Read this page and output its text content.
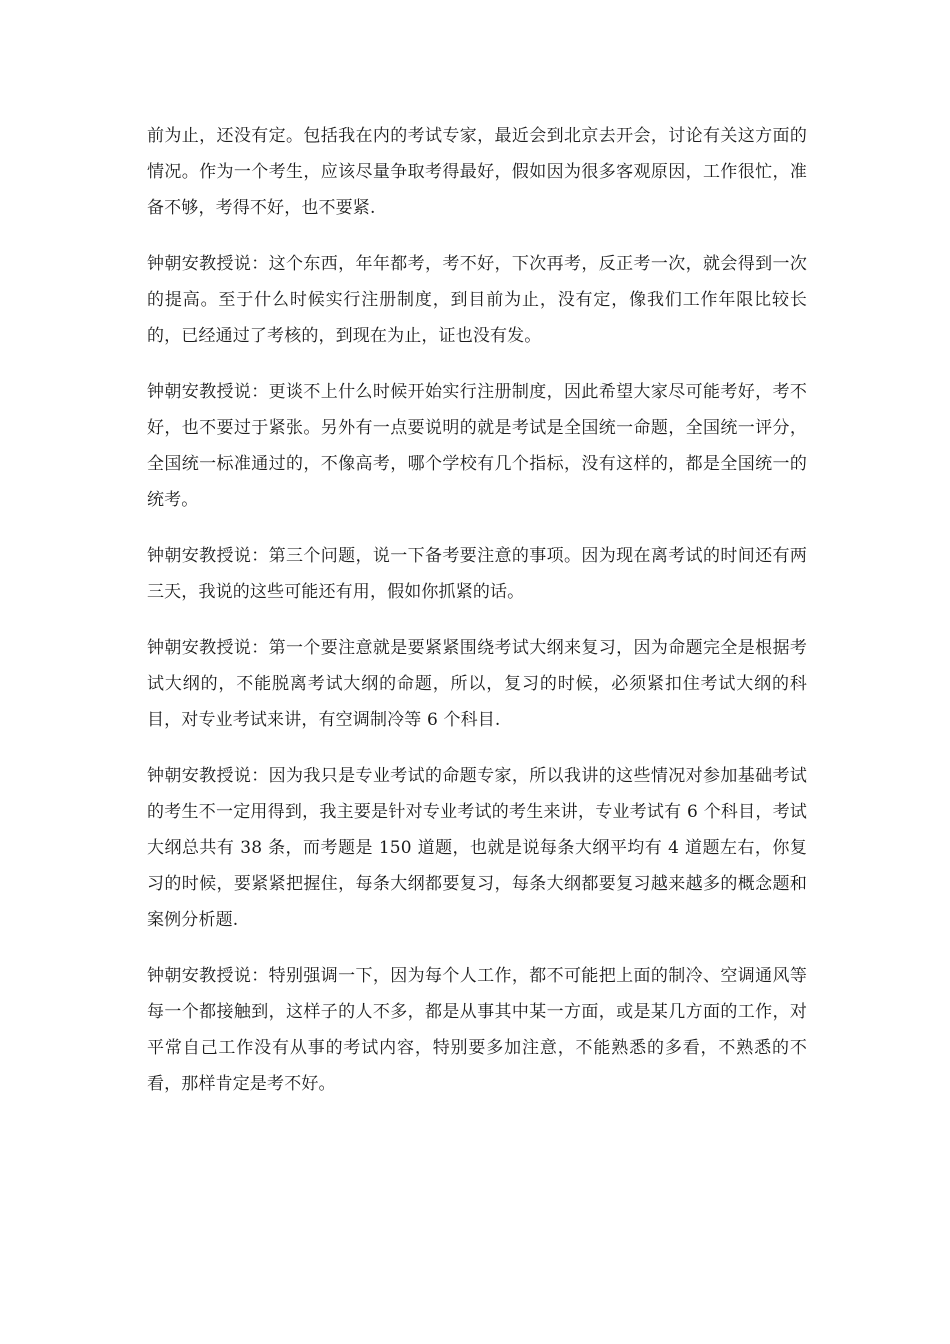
前为止，还没有定。包括我在内的考试专家，最近会到北京去开会，讨论有关这方面的情况。作为一个考生，应该尽量争取考得最好，假如因为很多客观原因，工作很忙，准备不够，考得不好，也不要紧.

钟朝安教授说：这个东西，年年都考，考不好，下次再考，反正考一次，就会得到一次的提高。至于什么时候实行注册制度，到目前为止，没有定，像我们工作年限比较长的，已经通过了考核的，到现在为止，证也没有发。

钟朝安教授说：更谈不上什么时候开始实行注册制度，因此希望大家尽可能考好，考不好，也不要过于紧张。另外有一点要说明的就是考试是全国统一命题，全国统一评分，全国统一标准通过的，不像高考，哪个学校有几个指标，没有这样的，都是全国统一的统考。

钟朝安教授说：第三个问题，说一下备考要注意的事项。因为现在离考试的时间还有两三天，我说的这些可能还有用，假如你抓紧的话。

钟朝安教授说：第一个要注意就是要紧紧围绕考试大纲来复习，因为命题完全是根据考试大纲的，不能脱离考试大纲的命题，所以，复习的时候，必须紧扣住考试大纲的科目，对专业考试来讲，有空调制冷等 6 个科目.

钟朝安教授说：因为我只是专业考试的命题专家，所以我讲的这些情况对参加基础考试的考生不一定用得到，我主要是针对专业考试的考生来讲，专业考试有 6 个科目，考试大纲总共有 38 条，而考题是 150 道题，也就是说每条大纲平均有 4 道题左右，你复习的时候，要紧紧把握住，每条大纲都要复习，每条大纲都要复习越来越多的概念题和案例分析题.

钟朝安教授说：特别强调一下，因为每个人工作，都不可能把上面的制冷、空调通风等每一个都接触到，这样子的人不多，都是从事其中某一方面，或是某几方面的工作，对平常自己工作没有从事的考试内容，特别要多加注意，不能熟悉的多看，不熟悉的不看，那样肯定是考不好。
